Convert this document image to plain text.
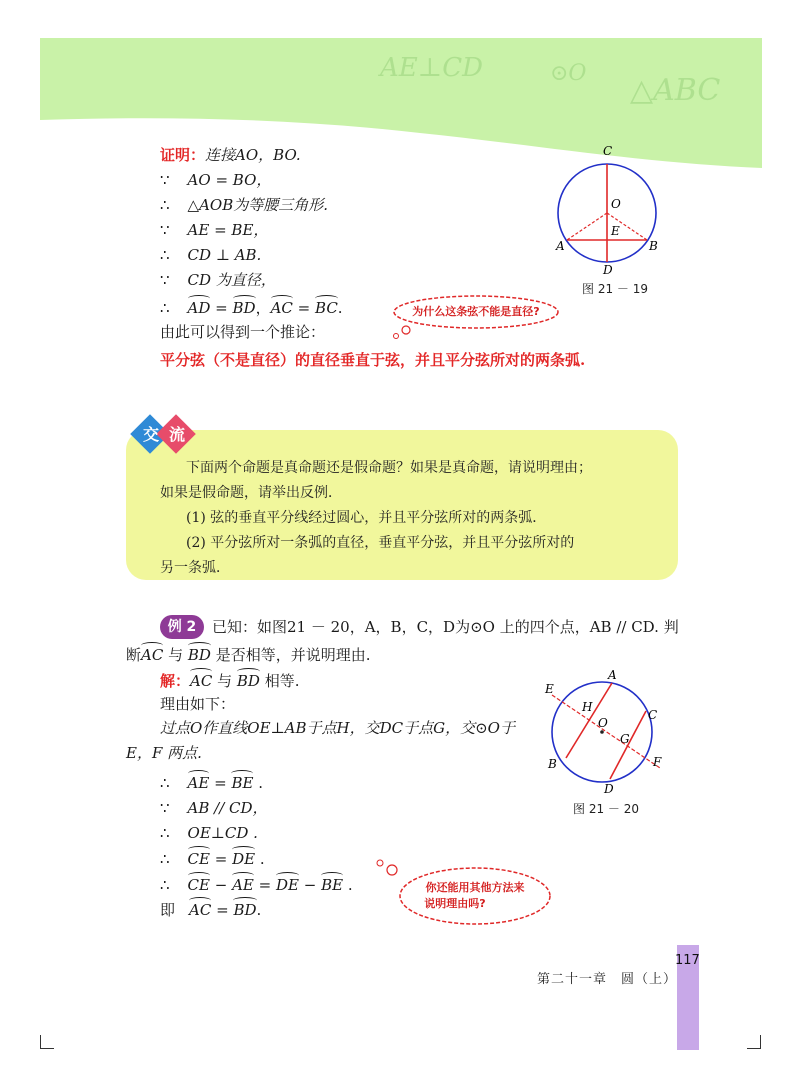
AE⊥CD	⊙O △ABC
证明：连接AO，BO.
∵ AO = BO，
∴ △AOB为等腰三角形.
∵ AE = BE，
∴ CD ⊥ AB.
∵ CD 为直径，
∴ AD = BD，AC = BC.
由此可以得到一个推论：
平分弦（不是直径）的直径垂直于弦，并且平分弦所对的两条弧.
C
O
E
A	B
D
图 21 － 19
为什么这条弦不能是直径?
交 流
下面两个命题是真命题还是假命题？如果是真命题，请说明理由；
如果是假命题，请举出反例．
(1) 弦的垂直平分线经过圆心，并且平分弦所对的两条弧．
(2) 平分弦所对一条弧的直径，垂直平分弦，并且平分弦所对的
另一条弧．
例 2	已知：如图21 － 20，A，B，C，D为⊙O 上的四个点，AB // CD. 判
断AC 与 BD 是否相等，并说明理由.
解：AC 与 BD 相等.
理由如下：
过点O作直线OE⊥AB于点H，交DC于点G，交⊙O于
E，F 两点.
∴ AE = BE .
∵ AB // CD，
∴ OE⊥CD .
∴ CE = DE .
∴ CE − AE = DE − BE .
即 AC = BD.
A
E
H
C
O
G
F
B
D
图 21 － 20
你还能用其他方法来
说明理由吗?
第二十一章　圆（上）
117
